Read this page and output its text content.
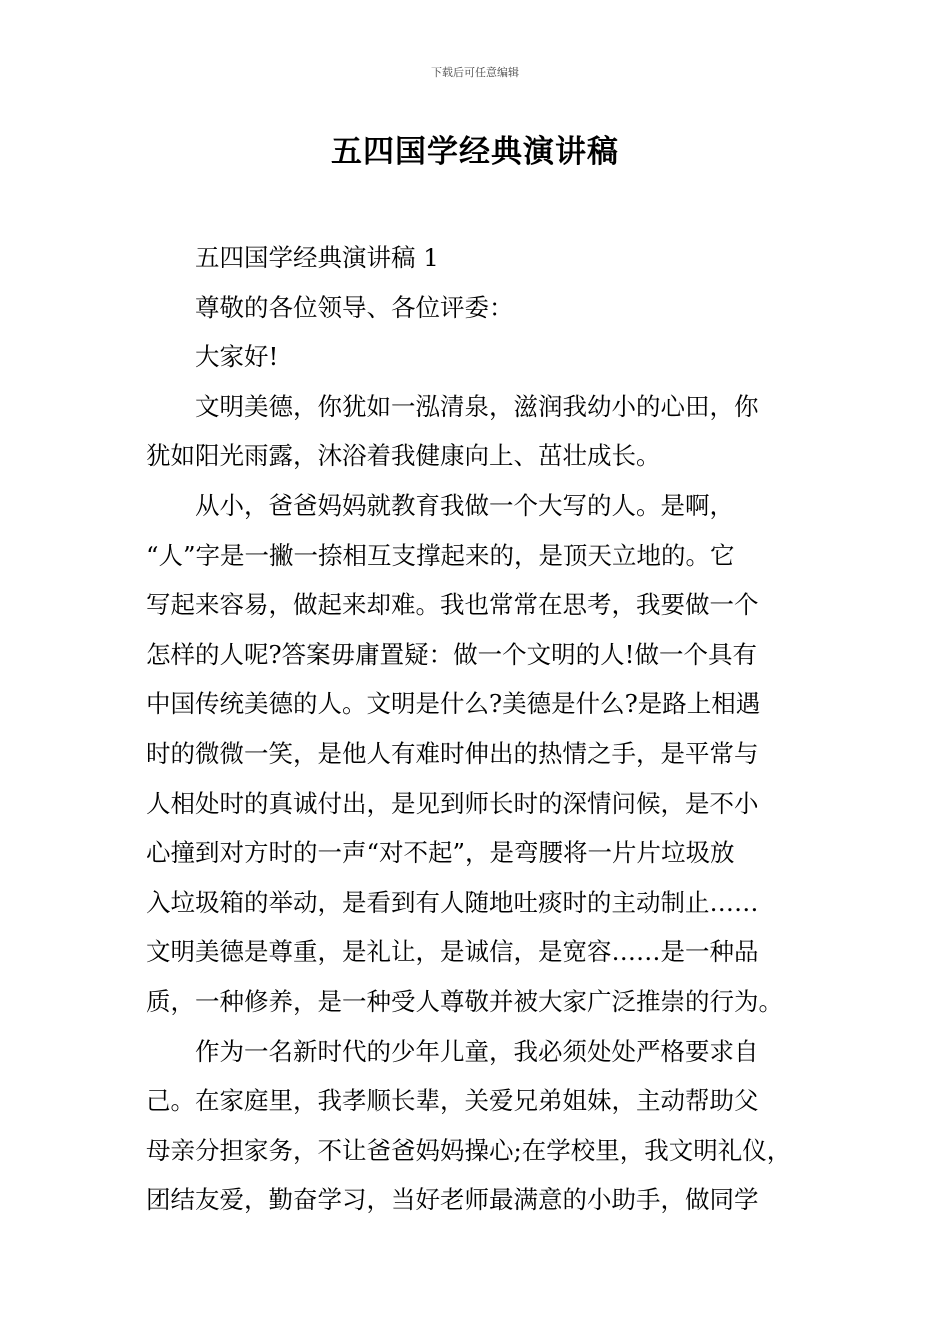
下载后可任意编辑
五四国学经典演讲稿

五四国学经典演讲稿 1

尊敬的各位领导、各位评委：

大家好!

文明美德，你犹如一泓清泉，滋润我幼小的心田，你
犹如阳光雨露，沐浴着我健康向上、茁壮成长。

从小，爸爸妈妈就教育我做一个大写的人。是啊，
“人”字是一撇一捺相互支撑起来的，是顶天立地的。它
写起来容易，做起来却难。我也常常在思考，我要做一个
怎样的人呢?答案毋庸置疑：做一个文明的人!做一个具有
中国传统美德的人。文明是什么?美德是什么?是路上相遇
时的微微一笑，是他人有难时伸出的热情之手，是平常与
人相处时的真诚付出，是见到师长时的深情问候，是不小
心撞到对方时的一声“对不起”，是弯腰将一片片垃圾放
入垃圾箱的举动，是看到有人随地吐痰时的主动制止……
文明美德是尊重，是礼让，是诚信，是宽容……是一种品
质，一种修养，是一种受人尊敬并被大家广泛推崇的行为。

作为一名新时代的少年儿童，我必须处处严格要求自
己。在家庭里，我孝顺长辈，关爱兄弟姐妹，主动帮助父
母亲分担家务，不让爸爸妈妈操心;在学校里，我文明礼仪，
团结友爱，勤奋学习，当好老师最满意的小助手，做同学
